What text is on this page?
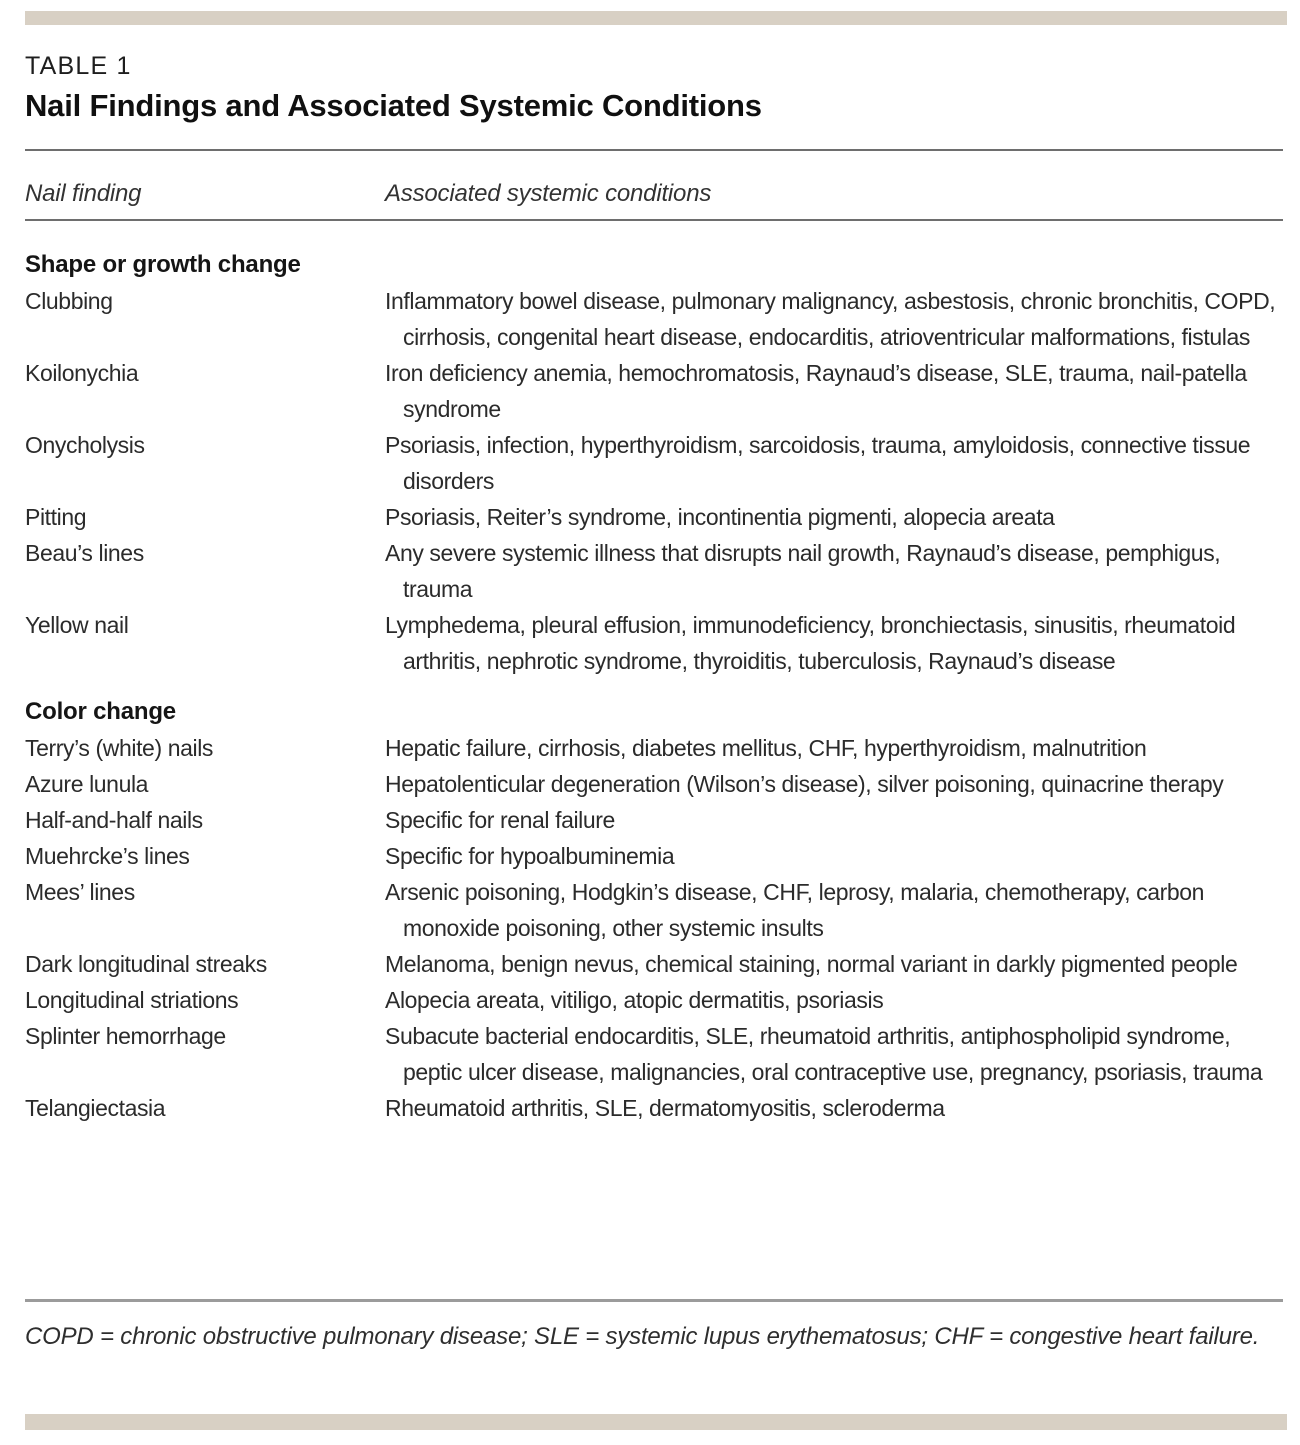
TABLE 1
Nail Findings and Associated Systemic Conditions
Nail finding	Associated systemic conditions
Shape or growth change
Clubbing	Inflammatory bowel disease, pulmonary malignancy, asbestosis, chronic bronchitis, COPD, cirrhosis, congenital heart disease, endocarditis, atrioventricular malformations, fistulas
Koilonychia	Iron deficiency anemia, hemochromatosis, Raynaud’s disease, SLE, trauma, nail-patella syndrome
Onycholysis	Psoriasis, infection, hyperthyroidism, sarcoidosis, trauma, amyloidosis, connective tissue disorders
Pitting	Psoriasis, Reiter’s syndrome, incontinentia pigmenti, alopecia areata
Beau’s lines	Any severe systemic illness that disrupts nail growth, Raynaud’s disease, pemphigus, trauma
Yellow nail	Lymphedema, pleural effusion, immunodeficiency, bronchiectasis, sinusitis, rheumatoid arthritis, nephrotic syndrome, thyroiditis, tuberculosis, Raynaud’s disease
Color change
Terry’s (white) nails	Hepatic failure, cirrhosis, diabetes mellitus, CHF, hyperthyroidism, malnutrition
Azure lunula	Hepatolenticular degeneration (Wilson’s disease), silver poisoning, quinacrine therapy
Half-and-half nails	Specific for renal failure
Muehrcke’s lines	Specific for hypoalbuminemia
Mees’ lines	Arsenic poisoning, Hodgkin’s disease, CHF, leprosy, malaria, chemotherapy, carbon monoxide poisoning, other systemic insults
Dark longitudinal streaks	Melanoma, benign nevus, chemical staining, normal variant in darkly pigmented people
Longitudinal striations	Alopecia areata, vitiligo, atopic dermatitis, psoriasis
Splinter hemorrhage	Subacute bacterial endocarditis, SLE, rheumatoid arthritis, antiphospholipid syndrome, peptic ulcer disease, malignancies, oral contraceptive use, pregnancy, psoriasis, trauma
Telangiectasia	Rheumatoid arthritis, SLE, dermatomyositis, scleroderma
COPD = chronic obstructive pulmonary disease; SLE = systemic lupus erythematosus; CHF = congestive heart failure.
